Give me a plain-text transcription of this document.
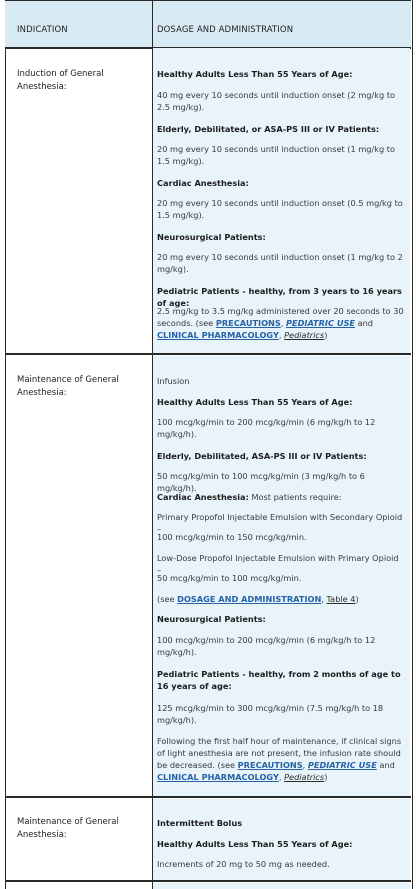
INDICATION	DOSAGE AND ADMINISTRATION
Induction of General Anesthesia:
Healthy Adults Less Than 55 Years of Age:
40 mg every 10 seconds until induction onset (2 mg/kg to 2.5 mg/kg).
Elderly, Debilitated, or ASA-PS III or IV Patients:
20 mg every 10 seconds until induction onset (1 mg/kg to 1.5 mg/kg).
Cardiac Anesthesia:
20 mg every 10 seconds until induction onset (0.5 mg/kg to 1.5 mg/kg).
Neurosurgical Patients:
20 mg every 10 seconds until induction onset (1 mg/kg to 2 mg/kg).
Pediatric Patients - healthy, from 3 years to 16 years of age:
2.5 mg/kg to 3.5 mg/kg administered over 20 seconds to 30 seconds. (see PRECAUTIONS, PEDIATRIC USE and CLINICAL PHARMACOLOGY, Pediatrics)
Maintenance of General Anesthesia:
Infusion
Healthy Adults Less Than 55 Years of Age:
100 mcg/kg/min to 200 mcg/kg/min (6 mg/kg/h to 12 mg/kg/h).
Elderly, Debilitated, ASA-PS III or IV Patients:
50 mcg/kg/min to 100 mcg/kg/min (3 mg/kg/h to 6 mg/kg/h).
Cardiac Anesthesia: Most patients require:
Primary Propofol Injectable Emulsion with Secondary Opioid –
100 mcg/kg/min to 150 mcg/kg/min.
Low-Dose Propofol Injectable Emulsion with Primary Opioid –
50 mcg/kg/min to 100 mcg/kg/min.
(see DOSAGE AND ADMINISTRATION, Table 4)
Neurosurgical Patients:
100 mcg/kg/min to 200 mcg/kg/min (6 mg/kg/h to 12 mg/kg/h).
Pediatric Patients - healthy, from 2 months of age to 16 years of age:
125 mcg/kg/min to 300 mcg/kg/min (7.5 mg/kg/h to 18 mg/kg/h).
Following the first half hour of maintenance, if clinical signs of light anesthesia are not present, the infusion rate should be decreased. (see PRECAUTIONS, PEDIATRIC USE and CLINICAL PHARMACOLOGY, Pediatrics)
Maintenance of General Anesthesia:
Intermittent Bolus
Healthy Adults Less Than 55 Years of Age:
Increments of 20 mg to 50 mg as needed.
